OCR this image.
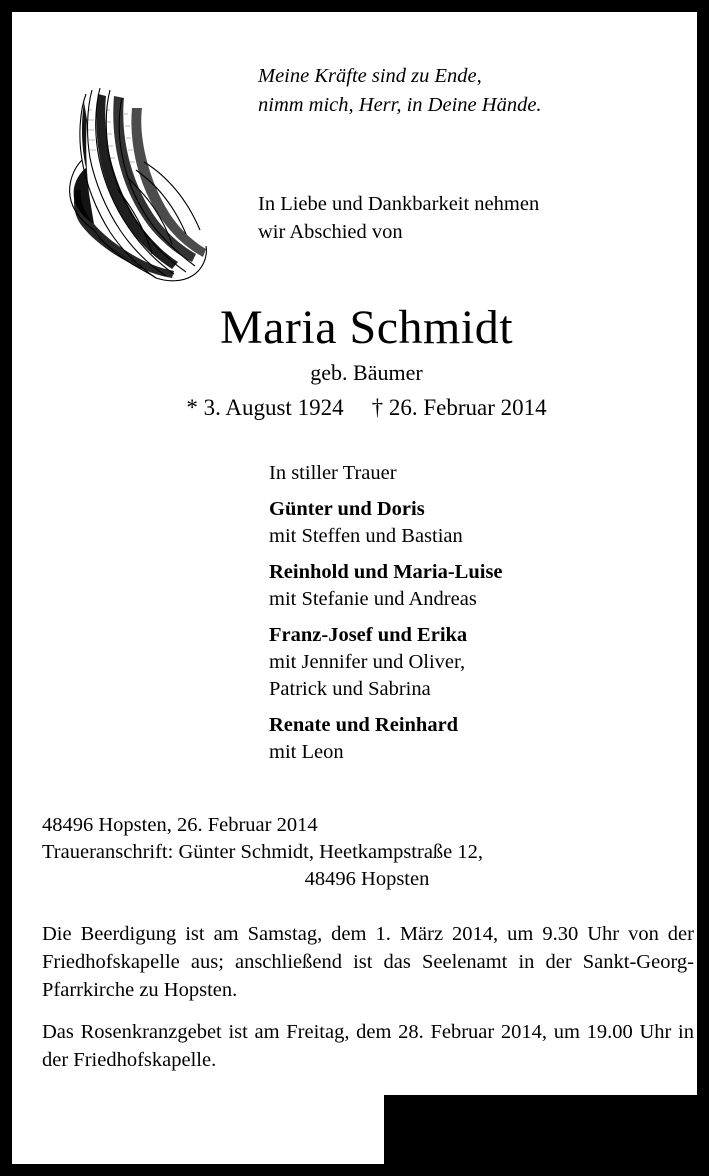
Meine Kräfte sind zu Ende,
nimm mich, Herr, in Deine Hände.
In Liebe und Dankbarkeit nehmen
wir Abschied von
Maria Schmidt
geb. Bäumer
* 3. August 1924 † 26. Februar 2014
In stiller Trauer
Günter und Doris
mit Steffen und Bastian
Reinhold und Maria-Luise
mit Stefanie und Andreas
Franz-Josef und Erika
mit Jennifer und Oliver,
Patrick und Sabrina
Renate und Reinhard
mit Leon
48496 Hopsten, 26. Februar 2014
Traueranschrift: Günter Schmidt, Heetkampstraße 12,
48496 Hopsten

Die Beerdigung ist am Samstag, dem 1. März 2014, um 9.30 Uhr von der Friedhofskapelle aus; anschließend ist das Seelenamt in der Sankt-Georg-Pfarrkirche zu Hopsten.

Das Rosenkranzgebet ist am Freitag, dem 28. Februar 2014, um 19.00 Uhr in der Friedhofskapelle.
